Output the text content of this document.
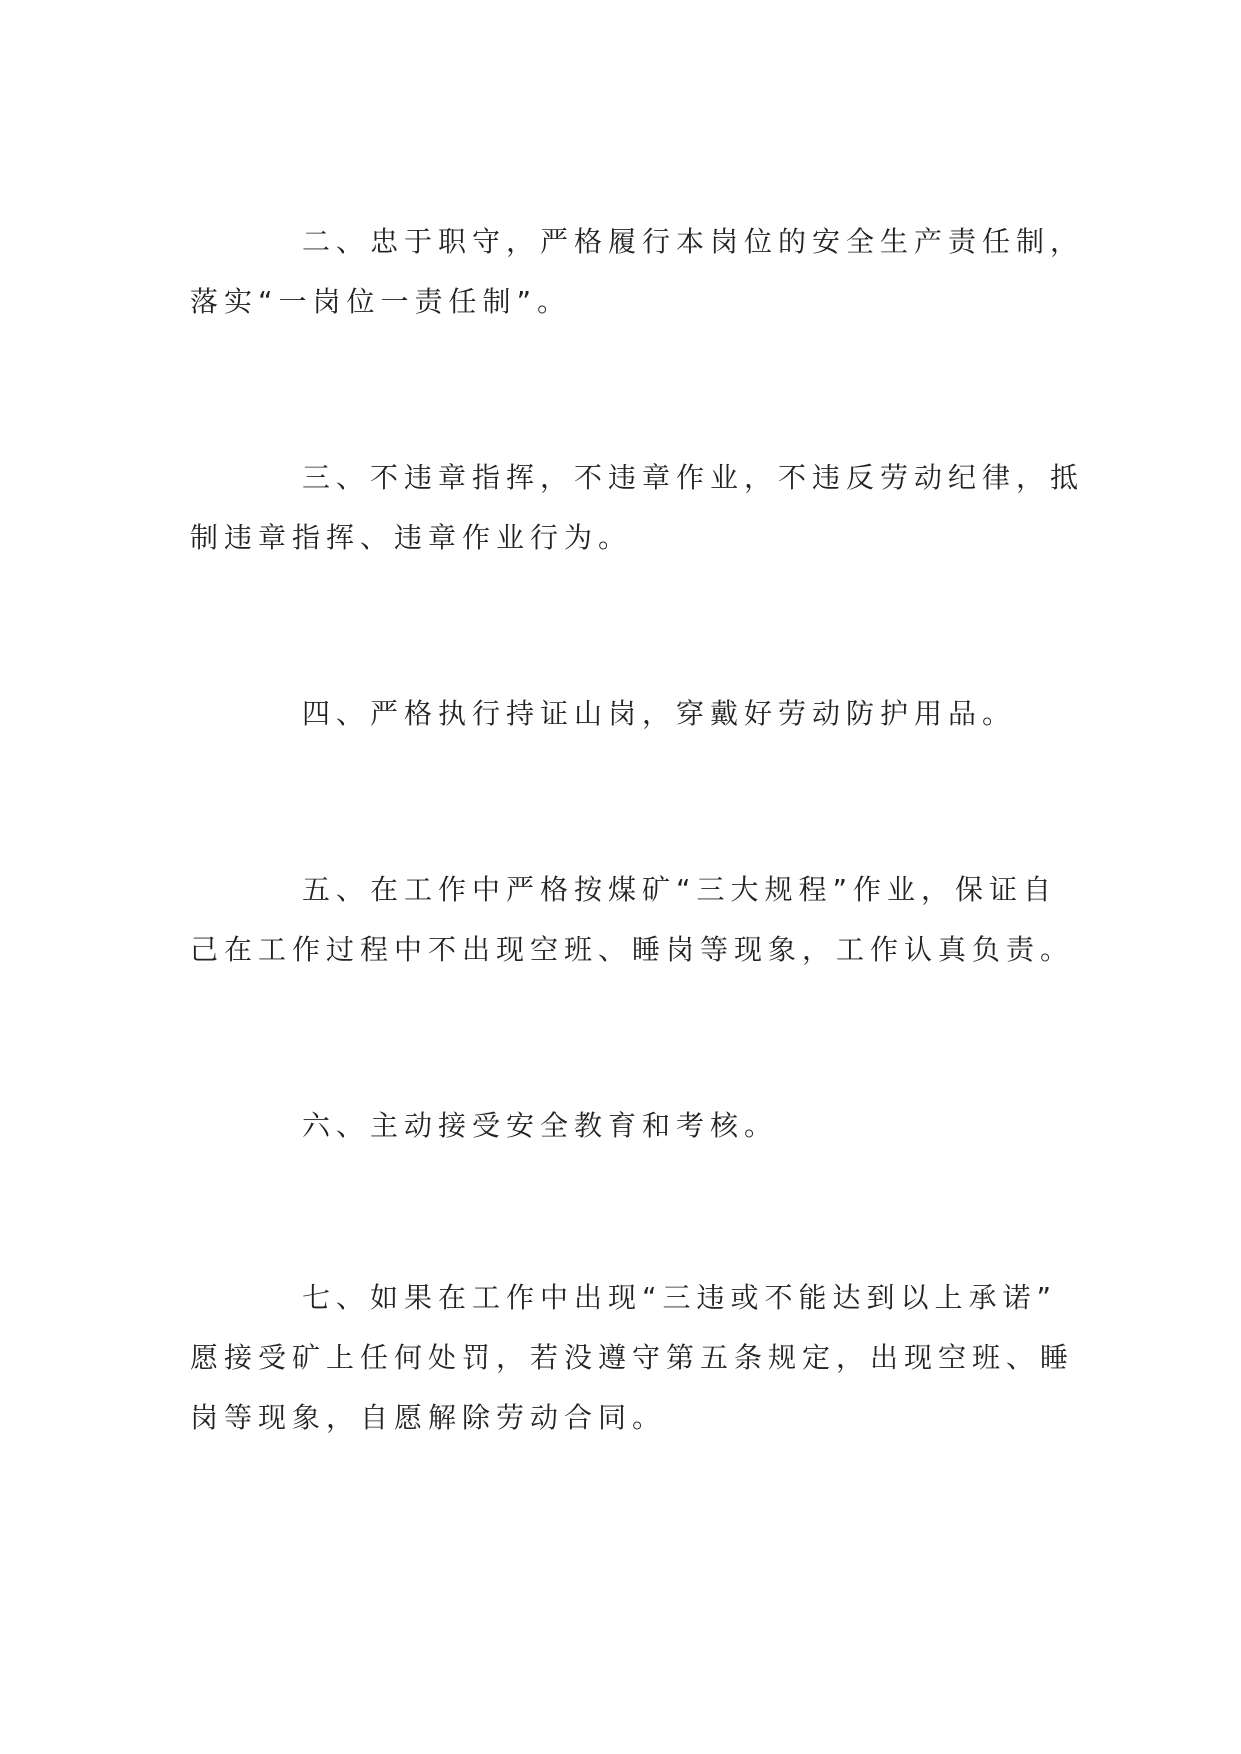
二、忠于职守，严格履行本岗位的安全生产责任制，
落实“一岗位一责任制”。

三、不违章指挥，不违章作业，不违反劳动纪律，抵
制违章指挥、违章作业行为。

四、严格执行持证山岗，穿戴好劳动防护用品。

五、在工作中严格按煤矿“三大规程”作业，保证自
己在工作过程中不出现空班、睡岗等现象，工作认真负责。

六、主动接受安全教育和考核。

七、如果在工作中出现“三违或不能达到以上承诺”
愿接受矿上任何处罚，若没遵守第五条规定，出现空班、睡
岗等现象，自愿解除劳动合同。
